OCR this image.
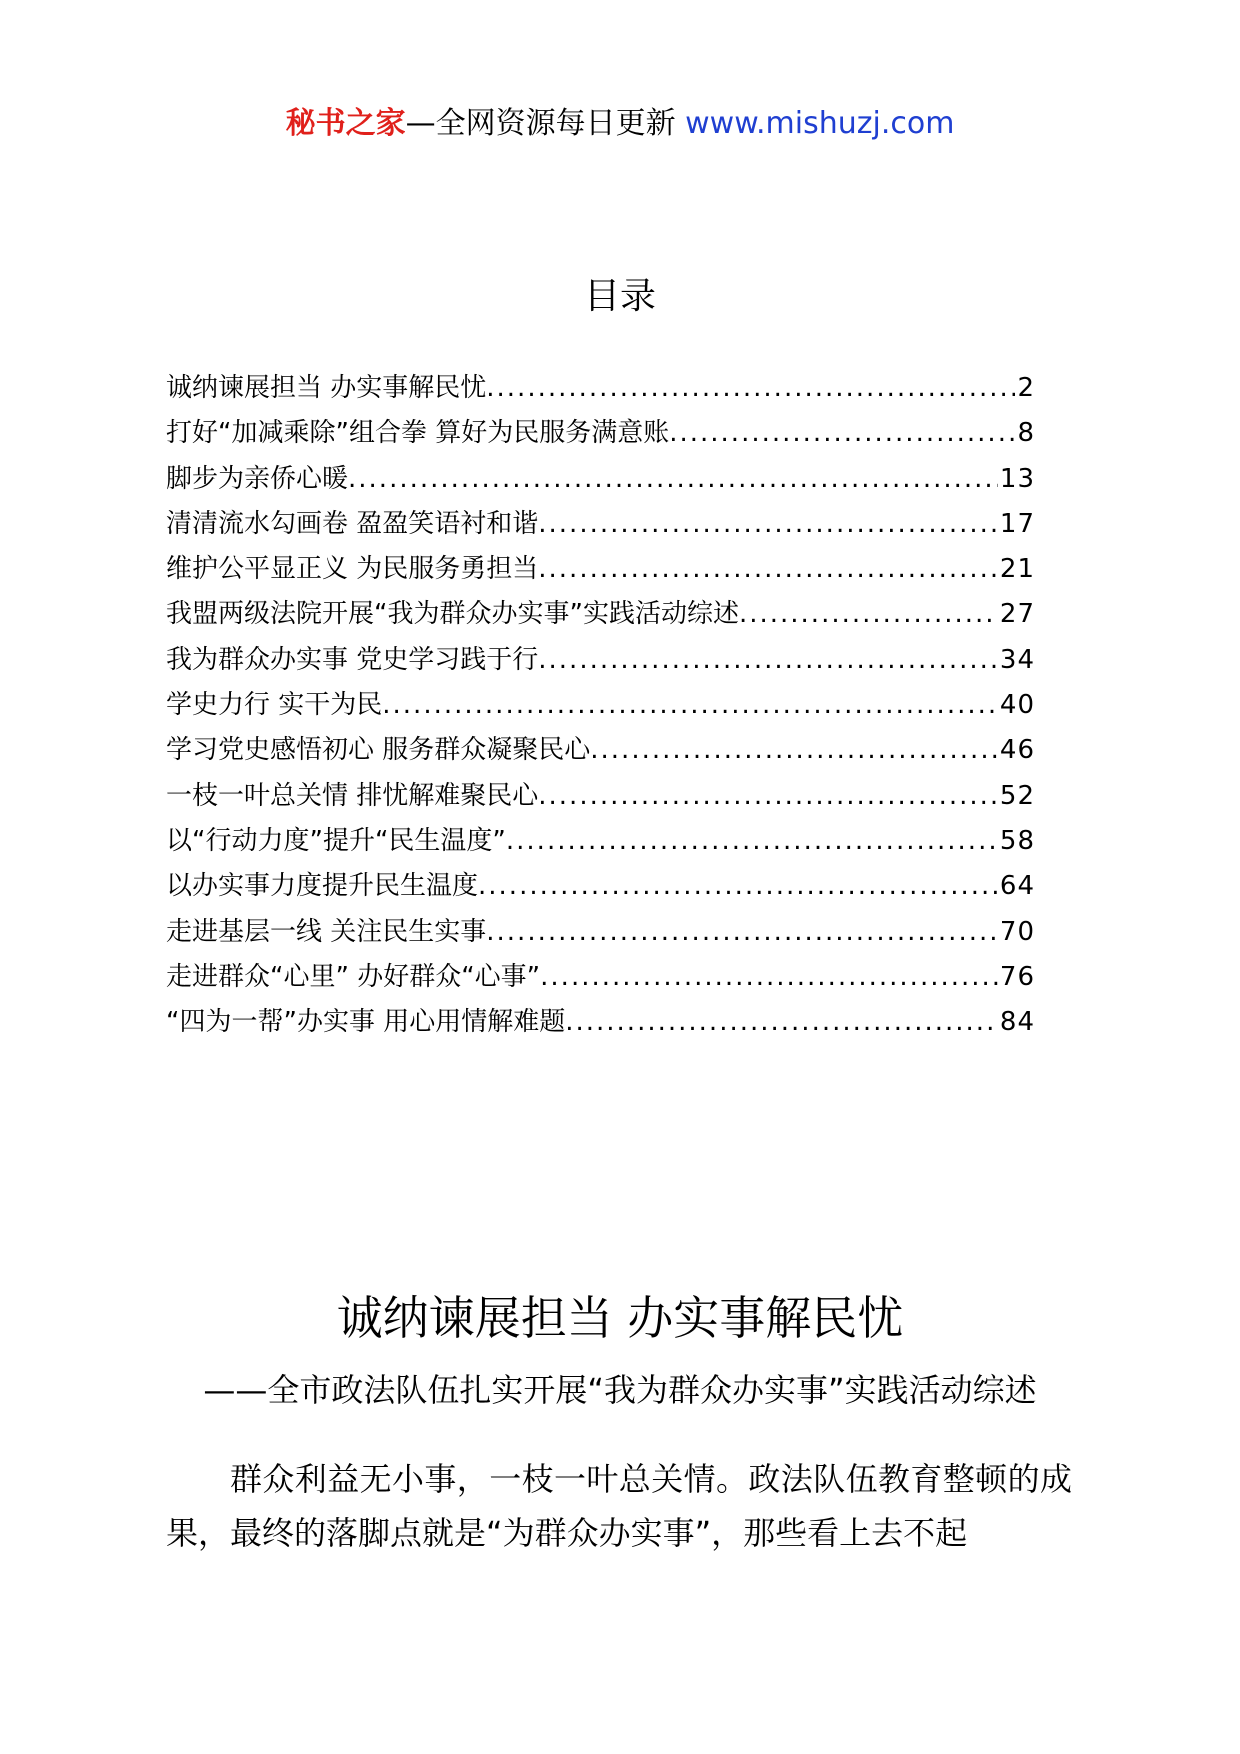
秘书之家—全网资源每日更新 www.mishuzj.com
目录
诚纳谏展担当 办实事解民忧 .....	2
打好“加减乘除”组合拳 算好为民服务满意账 .....	8
脚步为亲侨心暖 .....	13
清清流水勾画卷 盈盈笑语衬和谐 .....	17
维护公平显正义 为民服务勇担当 .....	21
我盟两级法院开展“我为群众办实事”实践活动综述 .....	27
我为群众办实事 党史学习践于行 .....	34
学史力行 实干为民 .....	40
学习党史感悟初心 服务群众凝聚民心 .....	46
一枝一叶总关情 排忧解难聚民心 .....	52
以“行动力度”提升“民生温度” .....	58
以办实事力度提升民生温度 .....	64
走进基层一线 关注民生实事 .....	70
走进群众“心里” 办好群众“心事” .....	76
“四为一帮”办实事 用心用情解难题 .....	84
诚纳谏展担当 办实事解民忧
——全市政法队伍扎实开展“我为群众办实事”实践活动综述

群众利益无小事，一枝一叶总关情。政法队伍教育整顿的成果，最终的落脚点就是“为群众办实事”，那些看上去不起
